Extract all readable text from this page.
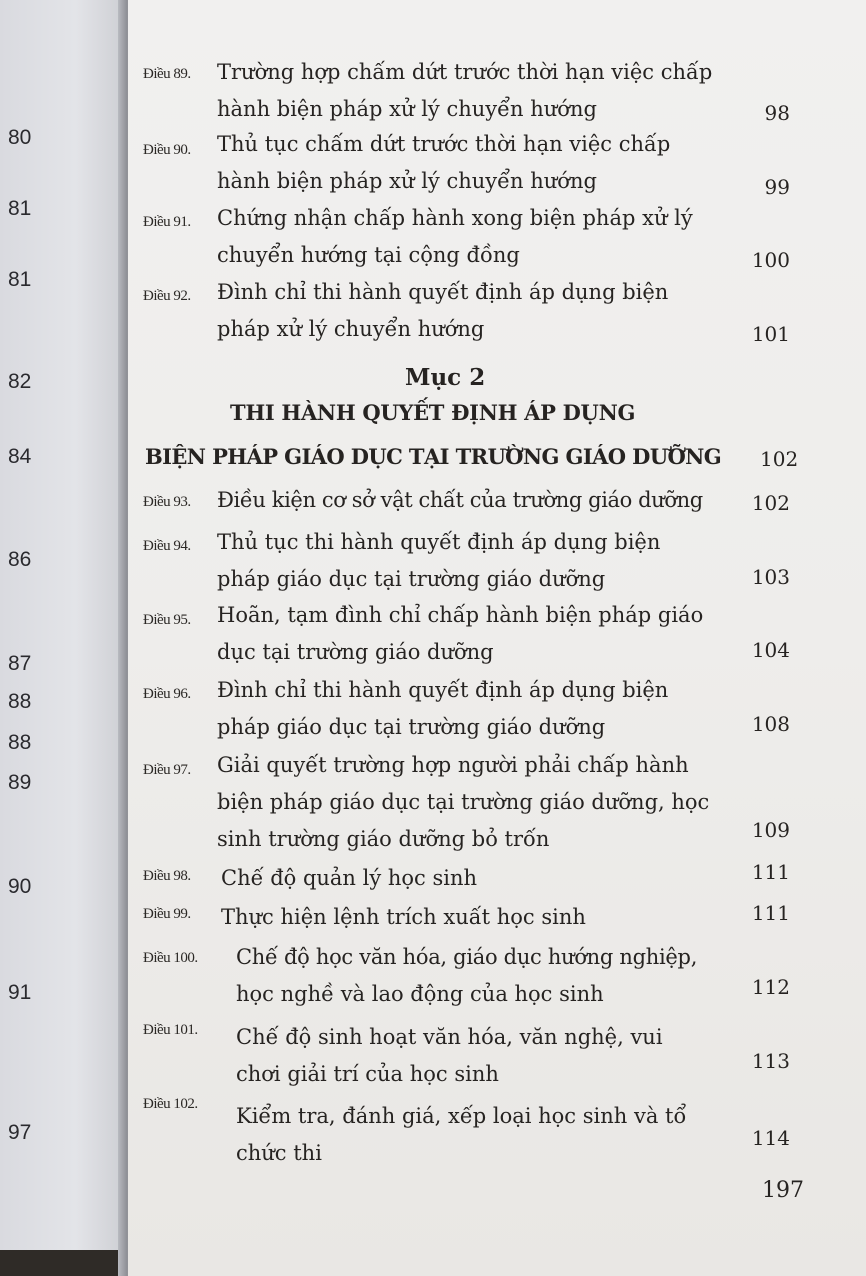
80
81
81
82
84
86
87
88
88
89
90
91
97
Điều 89. Trường hợp chấm dứt trước thời hạn việc chấp
hành biện pháp xử lý chuyển hướng	98
Điều 90. Thủ tục chấm dứt trước thời hạn việc chấp
hành biện pháp xử lý chuyển hướng	99
Điều 91. Chứng nhận chấp hành xong biện pháp xử lý
chuyển hướng tại cộng đồng	100
Điều 92. Đình chỉ thi hành quyết định áp dụng biện
pháp xử lý chuyển hướng	101
Mục 2
THI HÀNH QUYẾT ĐỊNH ÁP DỤNG
BIỆN PHÁP GIÁO DỤC TẠI TRƯỜNG GIÁO DƯỠNG 102
Điều 93. Điều kiện cơ sở vật chất của trường giáo dưỡng 102
Điều 94. Thủ tục thi hành quyết định áp dụng biện
pháp giáo dục tại trường giáo dưỡng	103
Điều 95. Hoãn, tạm đình chỉ chấp hành biện pháp giáo
dục tại trường giáo dưỡng	104
Điều 96. Đình chỉ thi hành quyết định áp dụng biện
pháp giáo dục tại trường giáo dưỡng	108
Điều 97. Giải quyết trường hợp người phải chấp hành
biện pháp giáo dục tại trường giáo dưỡng, học
sinh trường giáo dưỡng bỏ trốn	109
Điều 98. Chế độ quản lý học sinh	111
Điều 99. Thực hiện lệnh trích xuất học sinh	111
Điều 100. Chế độ học văn hóa, giáo dục hướng nghiệp,
học nghề và lao động của học sinh	112
Điều 101. Chế độ sinh hoạt văn hóa, văn nghệ, vui
chơi giải trí của học sinh
113
Điều 102. Kiểm tra, đánh giá, xếp loại học sinh và tổ
chức thi
114
197
